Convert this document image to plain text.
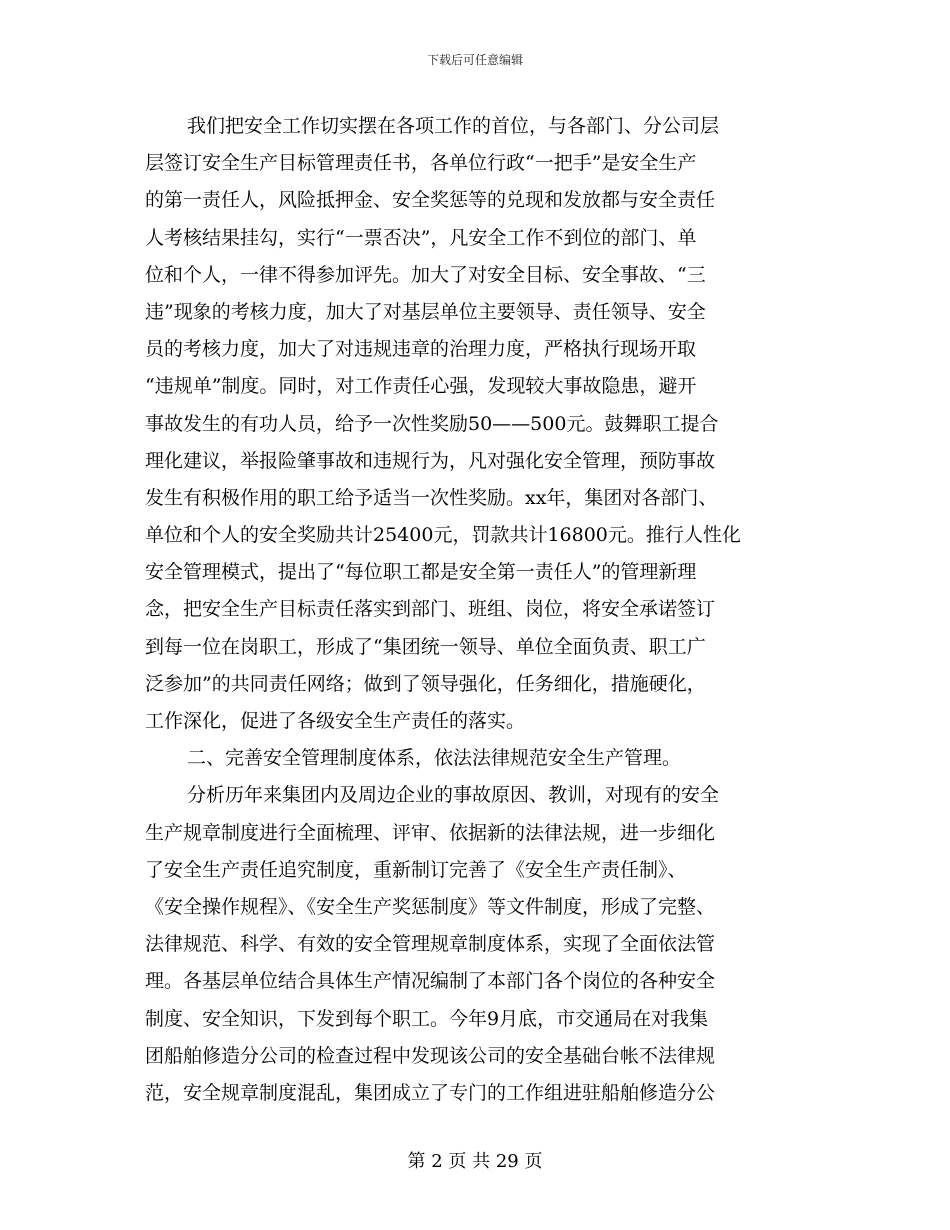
下载后可任意编辑
我们把安全工作切实摆在各项工作的首位，与各部门、分公司层
层签订安全生产目标管理责任书，各单位行政“一把手”是安全生产
的第一责任人，风险抵押金、安全奖惩等的兑现和发放都与安全责任
人考核结果挂勾，实行“一票否决”，凡安全工作不到位的部门、单
位和个人，一律不得参加评先。加大了对安全目标、安全事故、“三
违”现象的考核力度，加大了对基层单位主要领导、责任领导、安全
员的考核力度，加大了对违规违章的治理力度，严格执行现场开取
“违规单”制度。同时，对工作责任心强，发现较大事故隐患，避开
事故发生的有功人员，给予一次性奖励50——500元。鼓舞职工提合
理化建议，举报险肇事故和违规行为，凡对强化安全管理，预防事故
发生有积极作用的职工给予适当一次性奖励。xx年，集团对各部门、
单位和个人的安全奖励共计25400元，罚款共计16800元。推行人性化
安全管理模式，提出了“每位职工都是安全第一责任人”的管理新理
念，把安全生产目标责任落实到部门、班组、岗位，将安全承诺签订
到每一位在岗职工，形成了“集团统一领导、单位全面负责、职工广
泛参加”的共同责任网络；做到了领导强化，任务细化，措施硬化，
工作深化，促进了各级安全生产责任的落实。
二、完善安全管理制度体系，依法法律规范安全生产管理。
分析历年来集团内及周边企业的事故原因、教训，对现有的安全
生产规章制度进行全面梳理、评审、依据新的法律法规，进一步细化
了安全生产责任追究制度，重新制订完善了《安全生产责任制》、
《安全操作规程》、《安全生产奖惩制度》等文件制度，形成了完整、
法律规范、科学、有效的安全管理规章制度体系，实现了全面依法管
理。各基层单位结合具体生产情况编制了本部门各个岗位的各种安全
制度、安全知识，下发到每个职工。今年9月底，市交通局在对我集
团船舶修造分公司的检查过程中发现该公司的安全基础台帐不法律规
范，安全规章制度混乱，集团成立了专门的工作组进驻船舶修造分公
第 2 页 共 29 页
